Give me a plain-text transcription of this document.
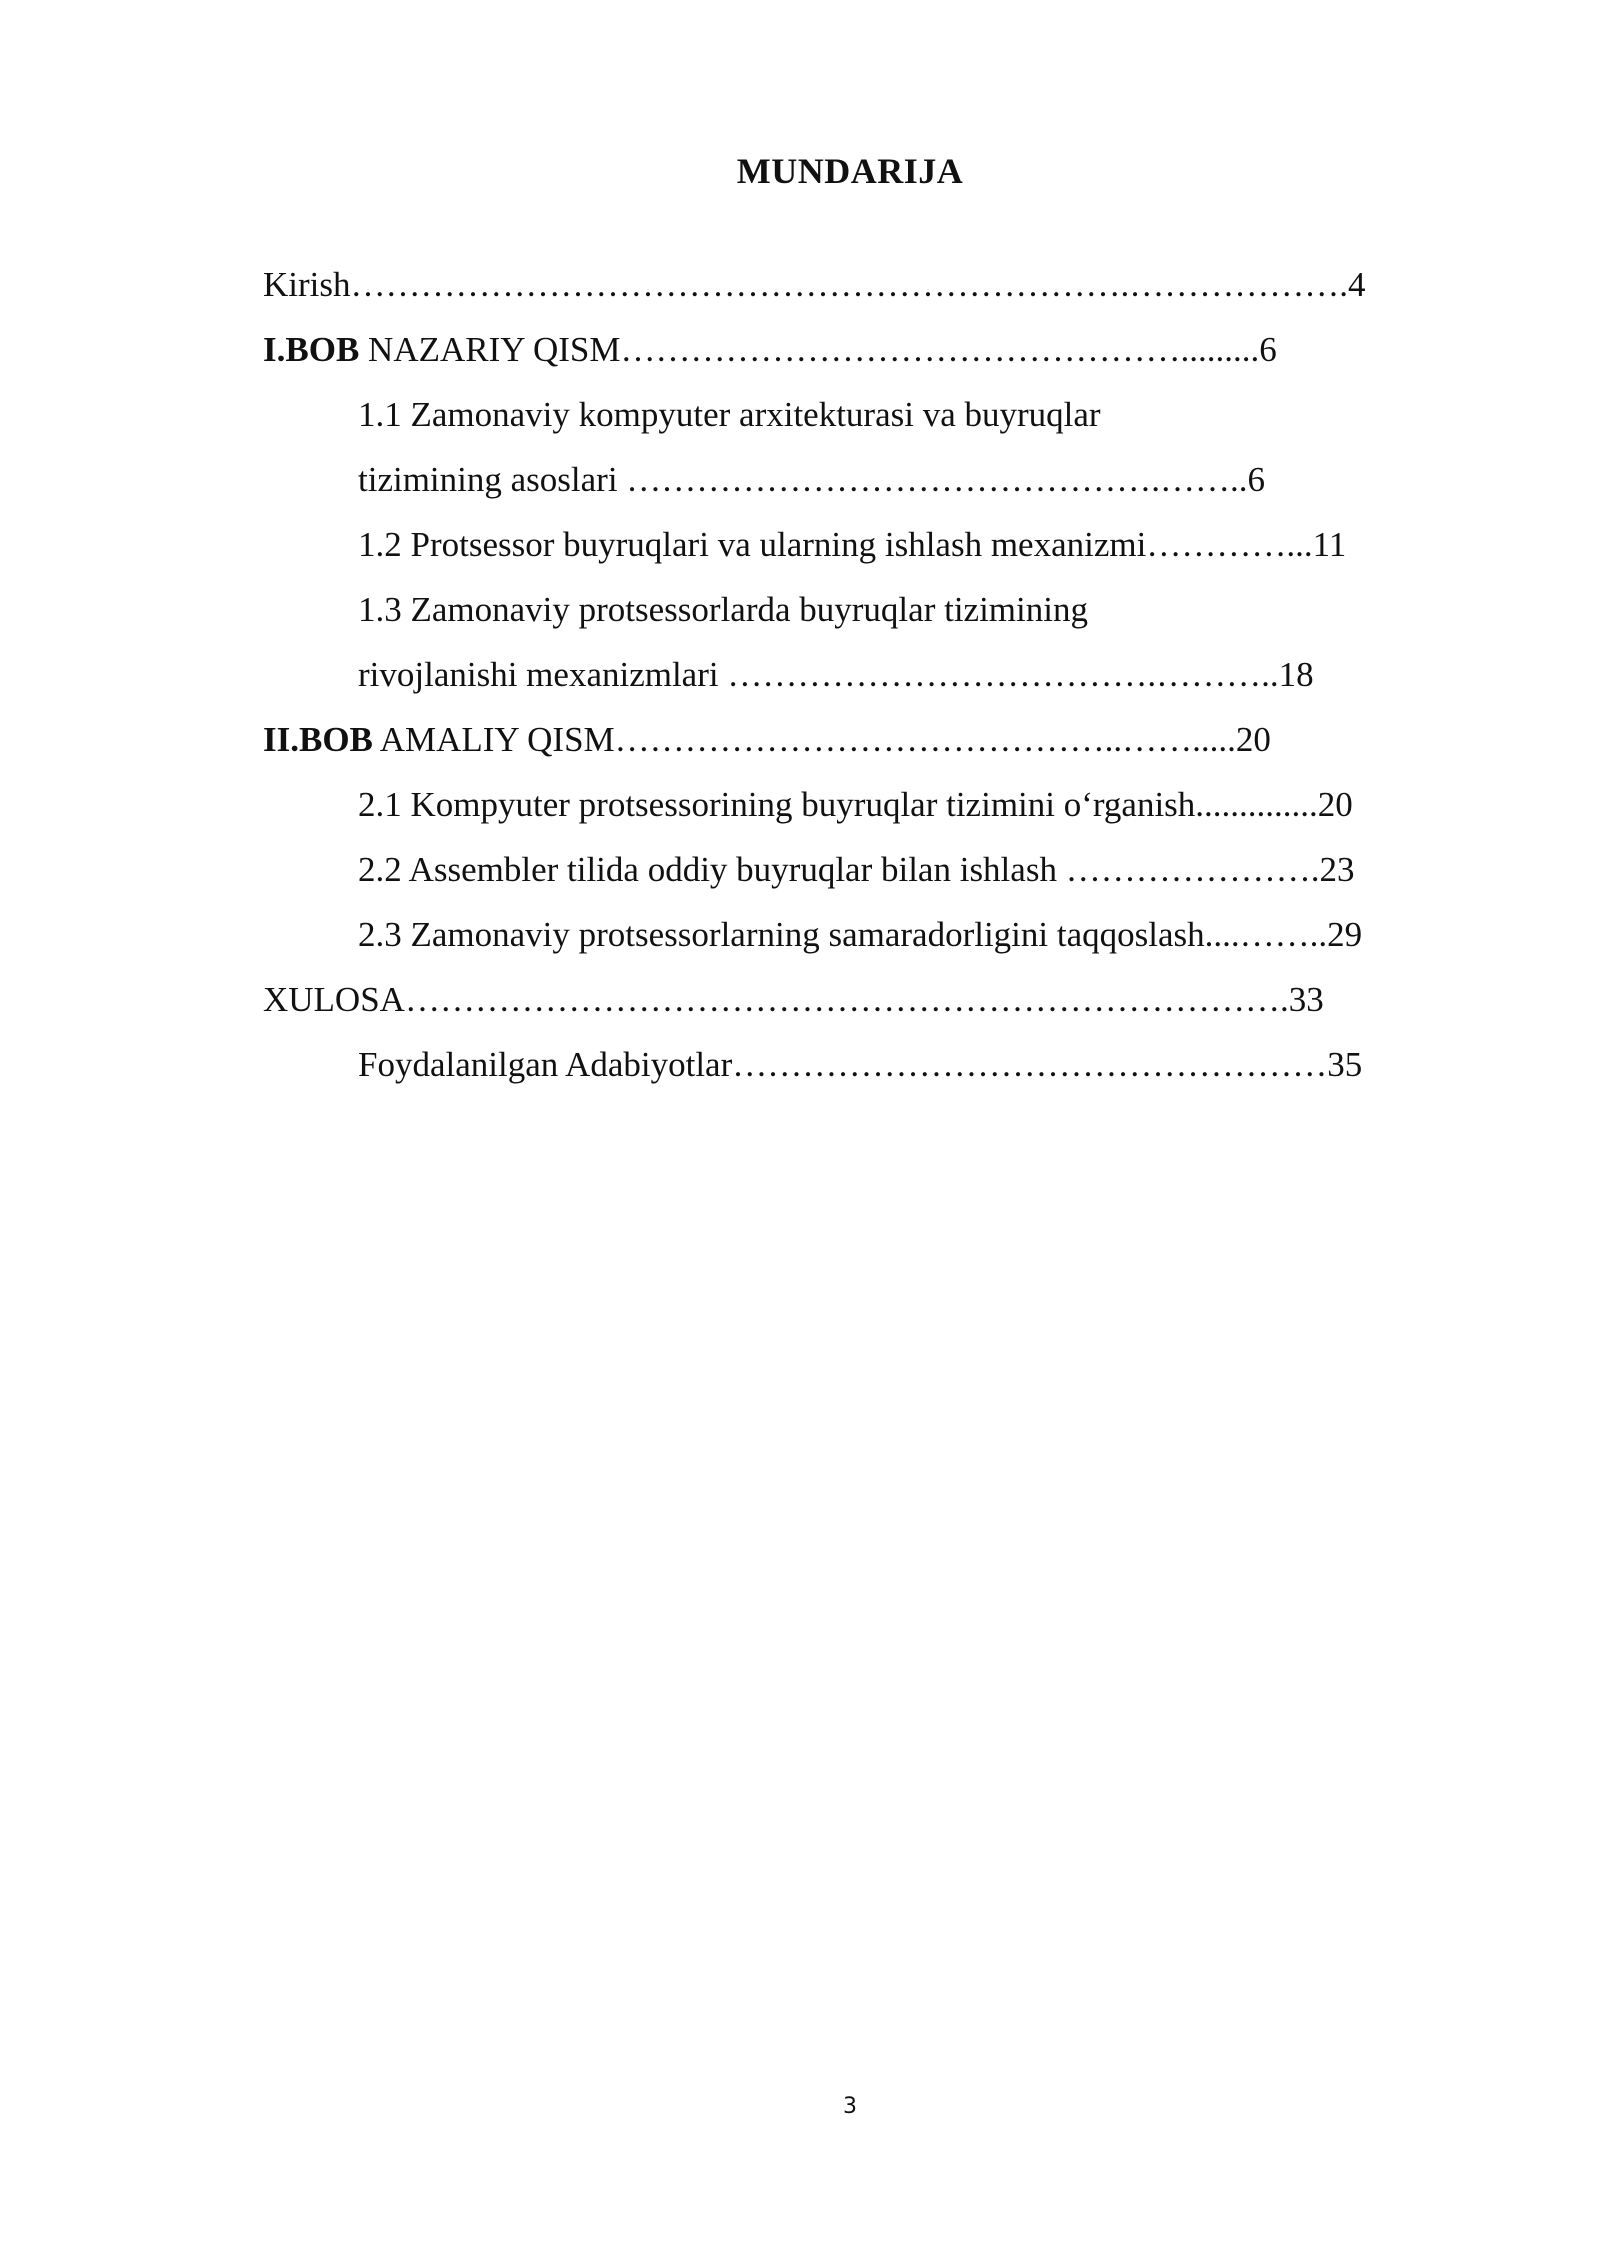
MUNDARIJA

Kirish………………………………………………………….……………….4

I.BOB NAZARIY QISM………………………………………….........6

1.1 Zamonaviy kompyuter arxitekturasi va buyruqlar

tizimining asoslari ……………………………………….……..6

1.2 Protsessor buyruqlari va ularning ishlash mexanizmi…………...11

1.3 Zamonaviy protsessorlarda buyruqlar tizimining

rivojlanishi mexanizmlari ……………………………….………..18

II.BOB AMALIY QISM……………………………………..…….....20

2.1 Kompyuter protsessorining buyruqlar tizimini o‘rganish..............20

2.2 Assembler tilida oddiy buyruqlar bilan ishlash ………………….23

2.3 Zamonaviy protsessorlarning samaradorligini taqqoslash....……..29

XULOSA………………………………………………………………….33

Foydalanilgan Adabiyotlar……………………………………………35

3
